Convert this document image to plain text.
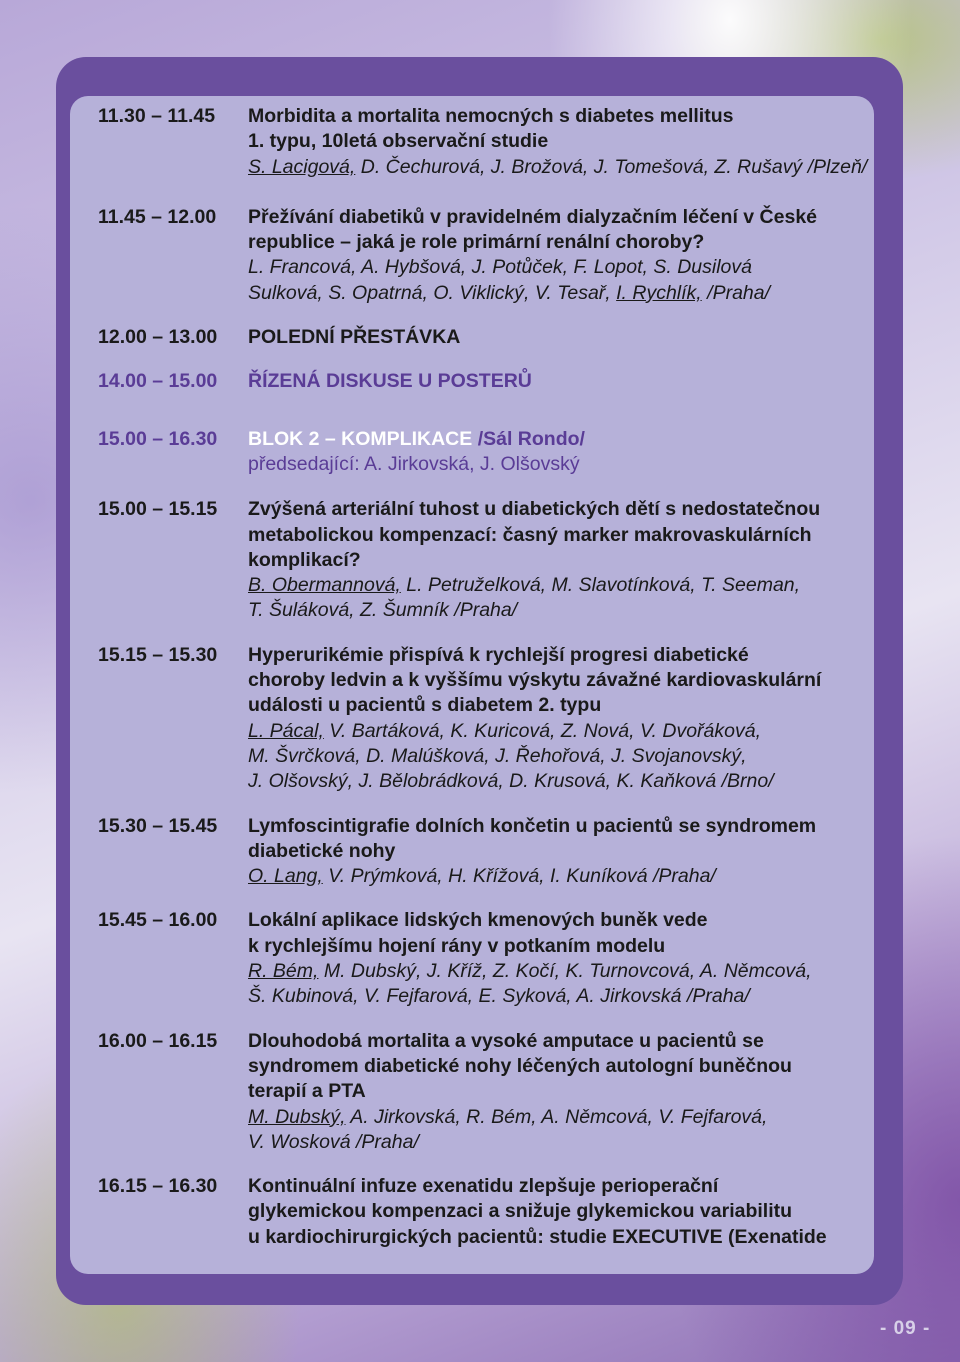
11.30 – 11.45	Morbidita a mortalita nemocných s diabetes mellitus
1. typu, 10letá observační studie
S. Lacigová, D. Čechurová, J. Brožová, J. Tomešová, Z. Rušavý /Plzeň/
11.45 – 12.00	Přežívání diabetiků v pravidelném dialyzačním léčení v České
republice – jaká je role primární renální choroby?
L. Francová, A. Hybšová, J. Potůček, F. Lopot, S. Dusilová
Sulková, S. Opatrná, O. Viklický, V. Tesař, I. Rychlík, /Praha/
12.00 – 13.00	POLEDNÍ PŘESTÁVKA
14.00 – 15.00	ŘÍZENÁ DISKUSE U POSTERŮ
15.00 – 16.30	BLOK 2 – KOMPLIKACE /Sál Rondo/
předsedající: A. Jirkovská, J. Olšovský
15.00 – 15.15	Zvýšená arteriální tuhost u diabetických dětí s nedostatečnou
metabolickou kompenzací: časný marker makrovaskulárních
komplikací?
B. Obermannová, L. Petruželková, M. Slavotínková, T. Seeman,
T. Šuláková, Z. Šumník /Praha/
15.15 – 15.30	Hyperurikémie přispívá k rychlejší progresi diabetické
choroby ledvin a k vyššímu výskytu závažné kardiovaskulární
události u pacientů s diabetem 2. typu
L. Pácal, V. Bartáková, K. Kuricová, Z. Nová, V. Dvořáková,
M. Švrčková, D. Malúšková, J. Řehořová, J. Svojanovský,
J. Olšovský, J. Bělobrádková, D. Krusová, K. Kaňková /Brno/
15.30 – 15.45	Lymfoscintigrafie dolních končetin u pacientů se syndromem
diabetické nohy
O. Lang, V. Prýmková, H. Křížová, I. Kuníková /Praha/
15.45 – 16.00	Lokální aplikace lidských kmenových buněk vede
k rychlejšímu hojení rány v potkaním modelu
R. Bém, M. Dubský, J. Kříž, Z. Kočí, K. Turnovcová, A. Němcová,
Š. Kubinová, V. Fejfarová, E. Syková, A. Jirkovská /Praha/
16.00 – 16.15	Dlouhodobá mortalita a vysoké amputace u pacientů se
syndromem diabetické nohy léčených autologní buněčnou
terapií a PTA
M. Dubský, A. Jirkovská, R. Bém, A. Němcová, V. Fejfarová,
V. Wosková /Praha/
16.15 – 16.30	Kontinuální infuze exenatidu zlepšuje perioperační
glykemickou kompenzaci a snižuje glykemickou variabilitu
u kardiochirurgických pacientů: studie EXECUTIVE (Exenatide
- 09 -
